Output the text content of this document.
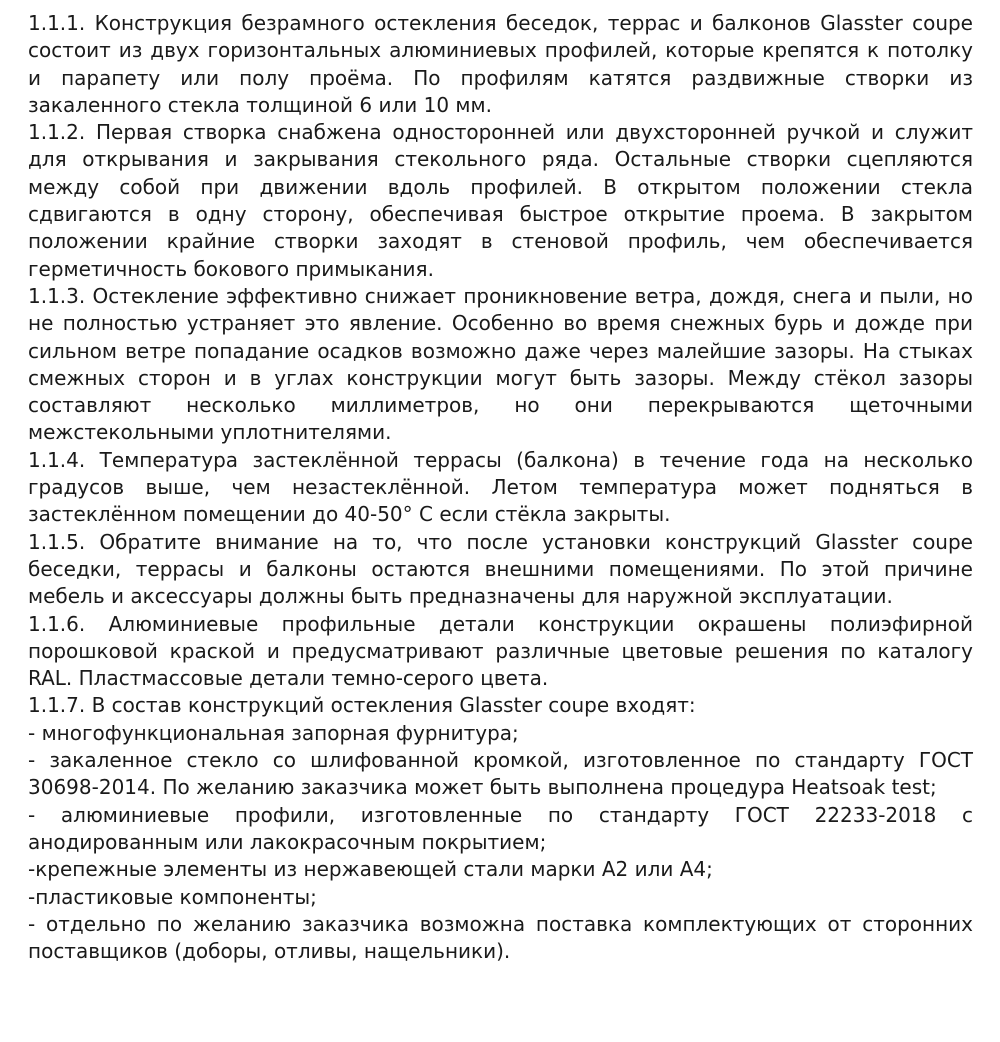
1.1.1. Конструкция безрамного остекления беседок, террас и балконов Glasster coupe состоит из двух горизонтальных алюминиевых профилей, которые крепятся к потолку и парапету или полу проёма. По профилям катятся раздвижные створки из закаленного стекла толщиной 6 или 10 мм.

1.1.2. Первая створка снабжена односторонней или двухсторонней ручкой и служит для открывания и закрывания стекольного ряда. Остальные створки сцепляются между собой при движении вдоль профилей. В открытом положении стекла сдвигаются в одну сторону, обеспечивая быстрое открытие проема. В закрытом положении крайние створки заходят в стеновой профиль, чем обеспечивается герметичность бокового примыкания.

1.1.3. Остекление эффективно снижает проникновение ветра, дождя, снега и пыли, но не полностью устраняет это явление. Особенно во время снежных бурь и дожде при сильном ветре попадание осадков возможно даже через малейшие зазоры. На стыках смежных сторон и в углах конструкции могут быть зазоры. Между стёкол зазоры составляют несколько миллиметров, но они перекрываются щеточными межстекольными уплотнителями.

1.1.4. Температура застеклённой террасы (балкона) в течение года на несколько градусов выше, чем незастеклённой. Летом температура может подняться в застеклённом помещении до 40-50° С если стёкла закрыты.

1.1.5. Обратите внимание на то, что после установки конструкций Glasster coupe беседки, террасы и балконы остаются внешними помещениями. По этой причине мебель и аксессуары должны быть предназначены для наружной эксплуатации.

1.1.6. Алюминиевые профильные детали конструкции окрашены полиэфирной порошковой краской и предусматривают различные цветовые решения по каталогу RAL. Пластмассовые детали темно-серого цвета.

1.1.7. В состав конструкций остекления Glasster coupe входят:

- многофункциональная запорная фурнитура;

- закаленное стекло со шлифованной кромкой, изготовленное по стандарту ГОСТ 30698-2014. По желанию заказчика может быть выполнена процедура Heatsoak test;

- алюминиевые профили, изготовленные по стандарту ГОСТ 22233-2018 с анодированным или лакокрасочным покрытием;

-крепежные элементы из нержавеющей стали марки А2 или А4;

-пластиковые компоненты;

- отдельно по желанию заказчика возможна поставка комплектующих от сторонних поставщиков (доборы, отливы, нащельники).
